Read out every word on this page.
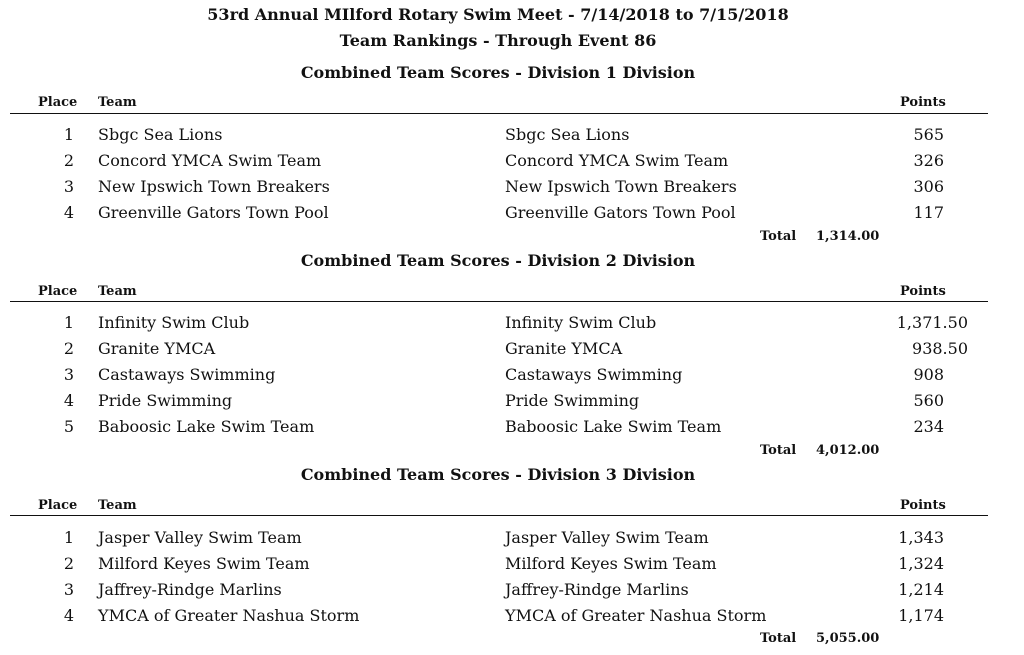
53rd Annual MIlford Rotary Swim Meet - 7/14/2018 to 7/15/2018
Team Rankings - Through Event 86
Combined Team Scores - Division 1 Division
Place Team	Points
1 Sbgc Sea Lions	Sbgc Sea Lions	565
2 Concord YMCA Swim Team	Concord YMCA Swim Team	326
3 New Ipswich Town Breakers	New Ipswich Town Breakers	306
4 Greenville Gators Town Pool	Greenville Gators Town Pool	117
Total 1,314.00
Combined Team Scores - Division 2 Division
Place Team	Points
1 Infinity Swim Club	Infinity Swim Club	1,371.50
2 Granite YMCA	Granite YMCA	938.50
3 Castaways Swimming	Castaways Swimming	908
4 Pride Swimming	Pride Swimming	560
5 Baboosic Lake Swim Team	Baboosic Lake Swim Team	234
Total 4,012.00
Combined Team Scores - Division 3 Division
Place Team	Points
1 Jasper Valley Swim Team	Jasper Valley Swim Team	1,343
2 Milford Keyes Swim Team	Milford Keyes Swim Team	1,324
3 Jaffrey-Rindge Marlins	Jaffrey-Rindge Marlins	1,214
4 YMCA of Greater Nashua Storm	YMCA of Greater Nashua Storm	1,174
Total 5,055.00
